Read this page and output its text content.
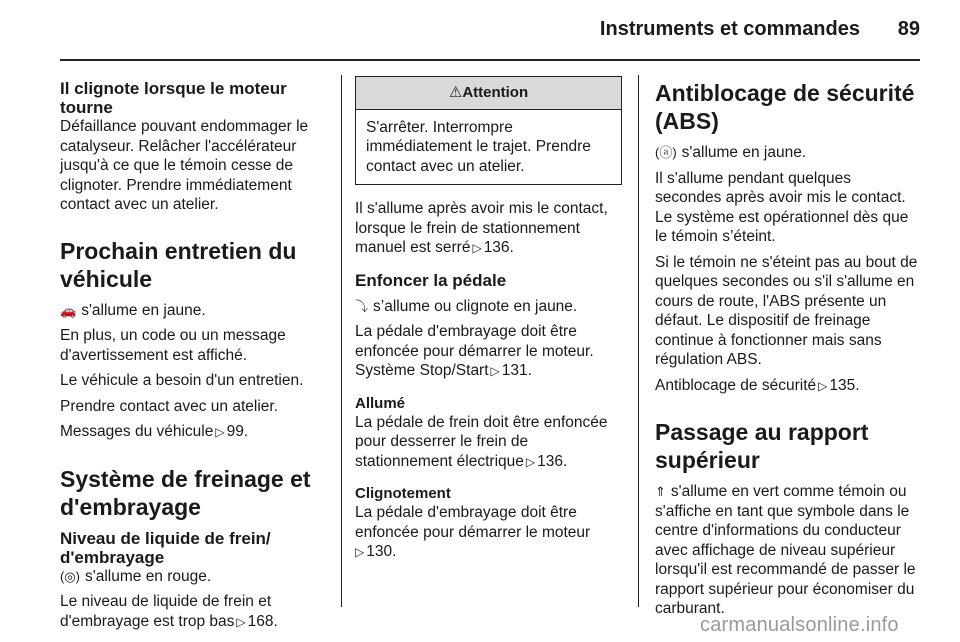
Instruments et commandes	89
Il clignote lorsque le moteur tourne

Défaillance pouvant endommager le catalyseur. Relâcher l'accélérateur jusqu'à ce que le témoin cesse de clignoter. Prendre immédiatement contact avec un atelier.

Prochain entretien du véhicule

🚗 s'allume en jaune.

En plus, un code ou un message d'avertissement est affiché.

Le véhicule a besoin d'un entretien.

Prendre contact avec un atelier.

Messages du véhicule ▷ 99.

Système de freinage et d'embrayage
Niveau de liquide de frein/ d'embrayage

(◎) s'allume en rouge.

Le niveau de liquide de frein et d'embrayage est trop bas ▷ 168.

⚠Attention
S'arrêter. Interrompre immédiatement le trajet. Prendre contact avec un atelier.

Il s'allume après avoir mis le contact, lorsque le frein de stationnement manuel est serré ▷ 136.

Enfoncer la pédale

⤵ s’allume ou clignote en jaune.

La pédale d'embrayage doit être enfoncée pour démarrer le moteur. Système Stop/Start ▷ 131.

Allumé

La pédale de frein doit être enfoncée pour desserrer le frein de stationnement électrique ▷ 136.

Clignotement

La pédale d'embrayage doit être enfoncée pour démarrer le moteur
▷ 130.

Antiblocage de sécurité (ABS)

(ⓐ) s'allume en jaune.

Il s'allume pendant quelques secondes après avoir mis le contact. Le système est opérationnel dès que le témoin s’éteint.

Si le témoin ne s'éteint pas au bout de quelques secondes ou s'il s'allume en cours de route, l'ABS présente un défaut. Le dispositif de freinage continue à fonctionner mais sans régulation ABS.

Antiblocage de sécurité ▷ 135.

Passage au rapport supérieur

⇑ s'allume en vert comme témoin ou s'affiche en tant que symbole dans le centre d'informations du conducteur avec affichage de niveau supérieur lorsqu'il est recommandé de passer le rapport supérieur pour économiser du carburant.

carmanualsonline.info
